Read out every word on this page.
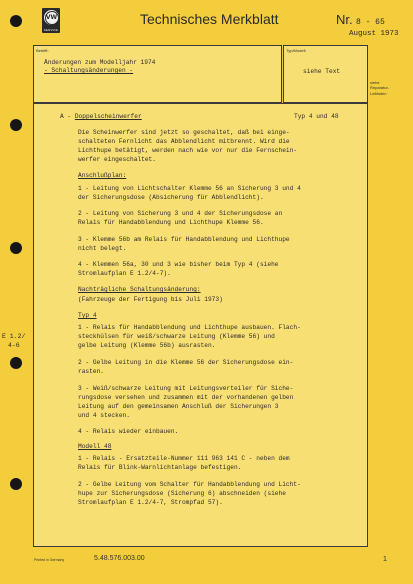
VW
SERVICE
Technisches Merkblatt	Nr. 8 - 65
August 1973
Betrifft:
Änderungen zum Modelljahr 1974
- Schaltungsänderungen -
Typ/Modell:
siehe Text
siehe
Reparatur-
Leitfaden
E 1.2/
4-6
A - Doppelscheinwerfer	Typ 4 und 48
Die Scheinwerfer sind jetzt so geschaltet, daß bei einge-
schalteten Fernlicht das Abblendlicht mitbrennt. Wird die
Lichthupe betätigt, werden nach wie vor nur die Fernschein-
werfer eingeschaltet.
Anschlußplan:
1 - Leitung von Lichtschalter Klemme 56 an Sicherung 3 und 4
der Sicherungsdose (Absicherung für Abblendlicht).
2 - Leitung von Sicherung 3 und 4 der Sicherungsdose an
Relais für Handabblendung und Lichthupe Klemme 56.
3 - Klemme 56b am Relais für Handabblendung und Lichthupe
nicht belegt.
4 - Klemmen 56a, 30 und 3 wie bisher beim Typ 4 (siehe
Stromlaufplan E 1.2/4-7).
Nachträgliche Schaltungsänderung:
(Fahrzeuge der Fertigung bis Juli 1973)
Typ 4
1 - Relais für Handabblendung und Lichthupe ausbauen. Flach-
steckhülsen für weiß/schwarze Leitung (Klemme 56) und
gelbe Leitung (Klemme 56b) ausrasten.
2 - Gelbe Leitung in die Klemme 56 der Sicherungsdose ein-
rasten.
3 - Weiß/schwarze Leitung mit Leitungsverteiler für Siche-
rungsdose versehen und zusammen mit der vorhandenen gelben
Leitung auf den gemeinsamen Anschluß der Sicherungen 3
und 4 stecken.
4 - Relais wieder einbauen.
Modell 48
1 - Relais - Ersatzteile-Nummer 111 963 141 C - neben dem
Relais für Blink-Warnlichtanlage befestigen.
2 - Gelbe Leitung vom Schalter für Handabblendung und Licht-
hupe zur Sicherungsdose (Sicherung 6) abschneiden (siehe
Stromlaufplan E 1.2/4-7, Strompfad 57).
Printed in Germany	5.48.576.003.00	1
